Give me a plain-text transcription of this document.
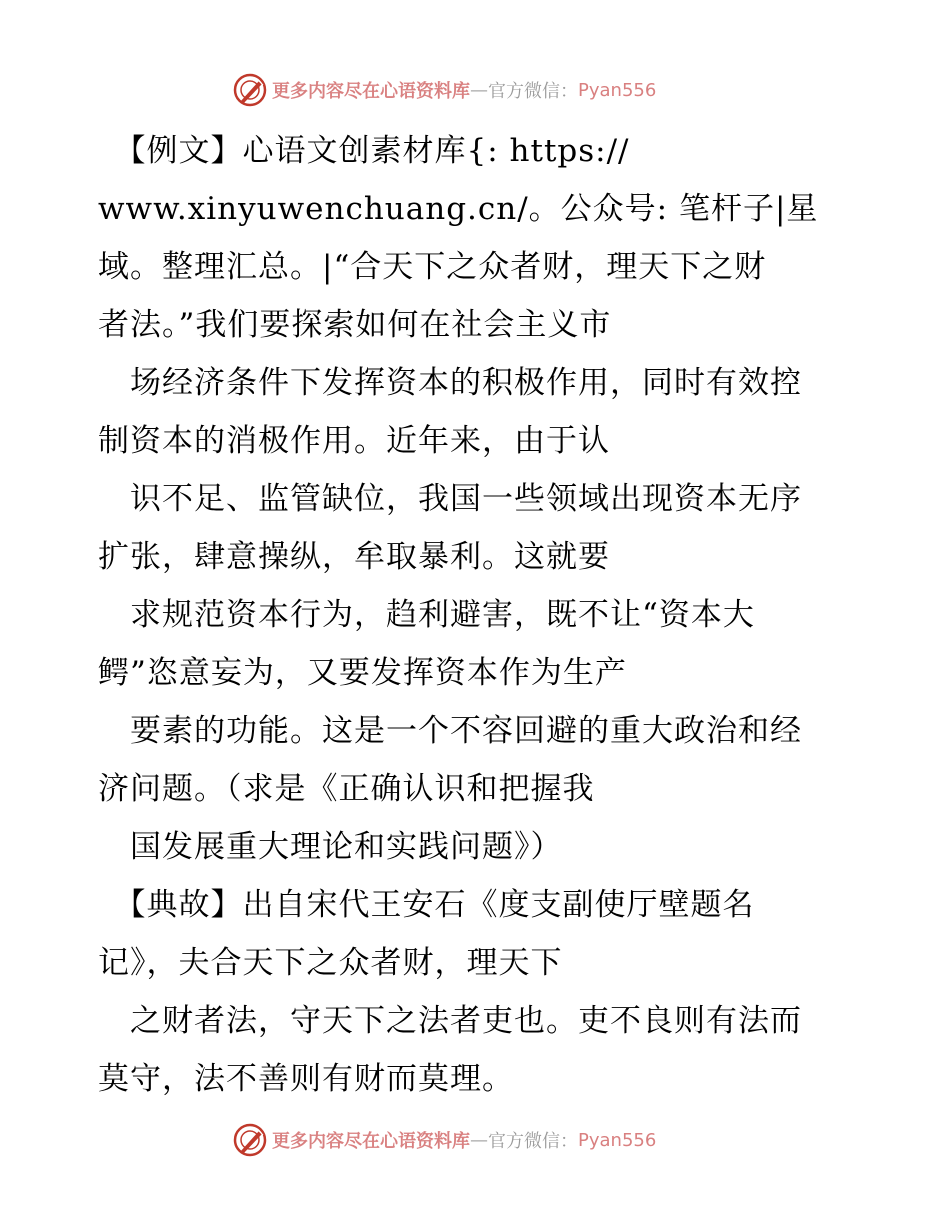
更多内容尽在心语资料库 — 官方微信： Pyan556
　【例文】心语文创素材库{: https://
www.xinyuwenchuang.cn/。公众号: 笔杆子|星
域。整理汇总。|“合天下之众者财，理天下之财
者法。”我们要探索如何在社会主义市
　场经济条件下发挥资本的积极作用，同时有效控
制资本的消极作用。近年来，由于认
　识不足、监管缺位，我国一些领域出现资本无序
扩张，肆意操纵，牟取暴利。这就要
　求规范资本行为，趋利避害，既不让“资本大
鳄”恣意妄为，又要发挥资本作为生产
　要素的功能。这是一个不容回避的重大政治和经
济问题。（求是《正确认识和把握我
　国发展重大理论和实践问题》）
　【典故】出自宋代王安石《度支副使厅壁题名
记》，夫合天下之众者财，理天下
　之财者法，守天下之法者吏也。吏不良则有法而
莫守，法不善则有财而莫理。
更多内容尽在心语资料库 — 官方微信： Pyan556
